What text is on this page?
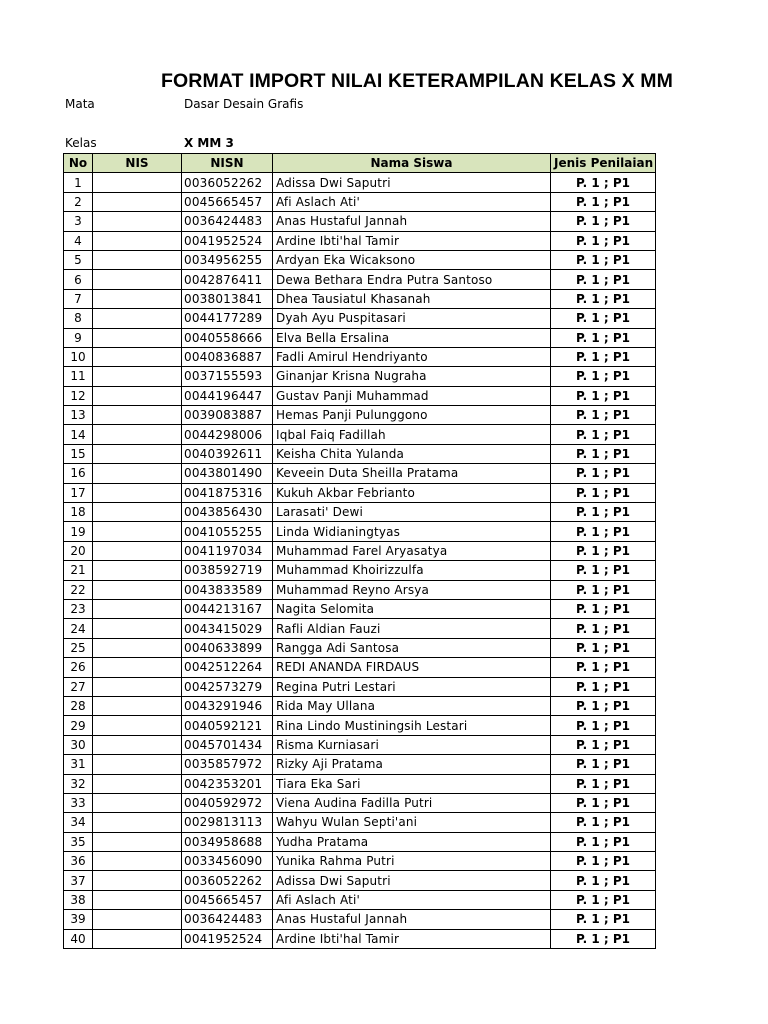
FORMAT IMPORT NILAI KETERAMPILAN KELAS X MM
Mata	Dasar Desain Grafis
Kelas	X MM 3
No	NIS	NISN	Nama Siswa	Jenis Penilaian
1		0036052262	Adissa Dwi Saputri	P. 1 ; P1
2		0045665457	Afi Aslach Ati'	P. 1 ; P1
3		0036424483	Anas Hustaful Jannah	P. 1 ; P1
4		0041952524	Ardine Ibti'hal Tamir	P. 1 ; P1
5		0034956255	Ardyan Eka Wicaksono	P. 1 ; P1
6		0042876411	Dewa Bethara Endra Putra Santoso	P. 1 ; P1
7		0038013841	Dhea Tausiatul Khasanah	P. 1 ; P1
8		0044177289	Dyah Ayu Puspitasari	P. 1 ; P1
9		0040558666	Elva Bella Ersalina	P. 1 ; P1
10		0040836887	Fadli Amirul Hendriyanto	P. 1 ; P1
11		0037155593	Ginanjar Krisna Nugraha	P. 1 ; P1
12		0044196447	Gustav Panji Muhammad	P. 1 ; P1
13		0039083887	Hemas Panji Pulunggono	P. 1 ; P1
14		0044298006	Iqbal Faiq Fadillah	P. 1 ; P1
15		0040392611	Keisha Chita Yulanda	P. 1 ; P1
16		0043801490	Keveein Duta Sheilla Pratama	P. 1 ; P1
17		0041875316	Kukuh Akbar Febrianto	P. 1 ; P1
18		0043856430	Larasati' Dewi	P. 1 ; P1
19		0041055255	Linda Widianingtyas	P. 1 ; P1
20		0041197034	Muhammad Farel Aryasatya	P. 1 ; P1
21		0038592719	Muhammad Khoirizzulfa	P. 1 ; P1
22		0043833589	Muhammad Reyno Arsya	P. 1 ; P1
23		0044213167	Nagita Selomita	P. 1 ; P1
24		0043415029	Rafli Aldian Fauzi	P. 1 ; P1
25		0040633899	Rangga Adi Santosa	P. 1 ; P1
26		0042512264	REDI ANANDA FIRDAUS	P. 1 ; P1
27		0042573279	Regina Putri Lestari	P. 1 ; P1
28		0043291946	Rida May Ullana	P. 1 ; P1
29		0040592121	Rina Lindo Mustiningsih Lestari	P. 1 ; P1
30		0045701434	Risma Kurniasari	P. 1 ; P1
31		0035857972	Rizky Aji Pratama	P. 1 ; P1
32		0042353201	Tiara Eka Sari	P. 1 ; P1
33		0040592972	Viena Audina Fadilla Putri	P. 1 ; P1
34		0029813113	Wahyu Wulan Septi'ani	P. 1 ; P1
35		0034958688	Yudha Pratama	P. 1 ; P1
36		0033456090	Yunika Rahma Putri	P. 1 ; P1
37		0036052262	Adissa Dwi Saputri	P. 1 ; P1
38		0045665457	Afi Aslach Ati'	P. 1 ; P1
39		0036424483	Anas Hustaful Jannah	P. 1 ; P1
40		0041952524	Ardine Ibti'hal Tamir	P. 1 ; P1
